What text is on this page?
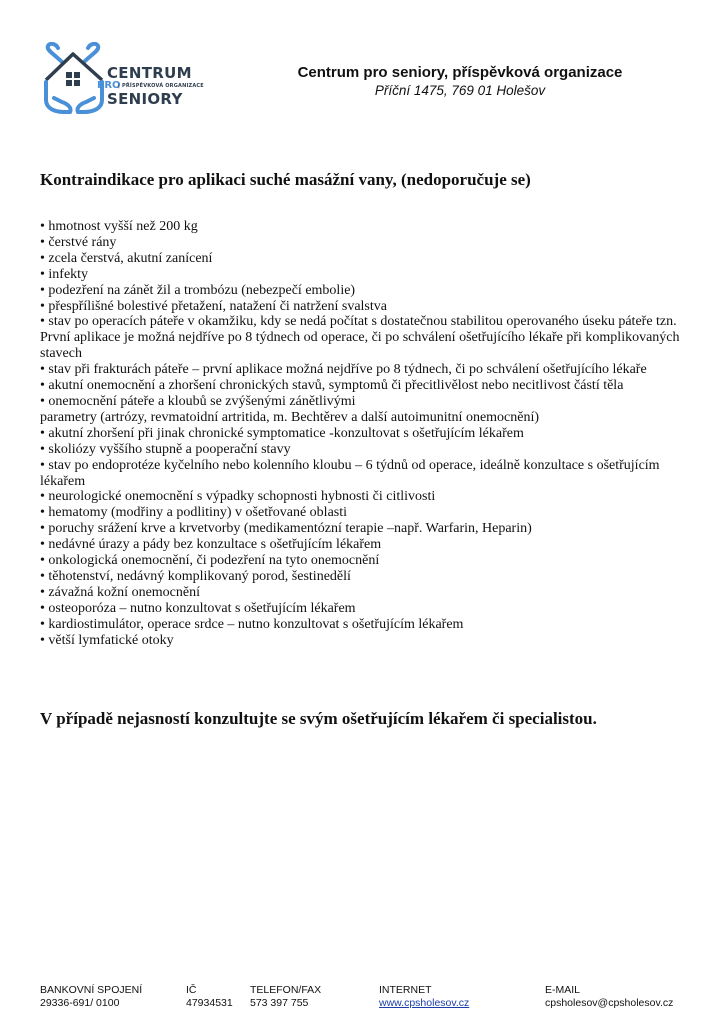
CENTRUM
PRO
| PŘÍSPĚVKOVÁ ORGANIZACE
SENIORY
Centrum pro seniory, příspěvková organizace
Příční 1475, 769 01 Holešov
Kontraindikace pro aplikaci suché masážní vany, (nedoporučuje se)
• hmotnost vyšší než 200 kg
• čerstvé rány
• zcela čerstvá, akutní zanícení
• infekty
• podezření na zánět žil a trombózu (nebezpečí embolie)
• přespřílišné bolestivé přetažení, natažení či natržení svalstva
• stav po operacích páteře v okamžiku, kdy se nedá počítat s dostatečnou stabilitou operovaného úseku páteře tzn. První aplikace je možná nejdříve po 8 týdnech od operace, či po schválení ošetřujícího lékaře při komplikovaných stavech
• stav při frakturách páteře – první aplikace možná nejdříve po 8 týdnech, či po schválení ošetřujícího lékaře
• akutní onemocnění a zhoršení chronických stavů, symptomů či přecitlivělost nebo necitlivost částí těla
• onemocnění páteře a kloubů se zvýšenými zánětlivými
parametry (artrózy, revmatoidní artritida, m. Bechtěrev a další autoimunitní onemocnění)
• akutní zhoršení při jinak chronické symptomatice -konzultovat s ošetřujícím lékařem
• skoliózy vyššího stupně a pooperační stavy
• stav po endoprotéze kyčelního nebo kolenního kloubu – 6 týdnů od operace, ideálně konzultace s ošetřujícím lékařem
• neurologické onemocnění s výpadky schopnosti hybnosti či citlivosti
• hematomy (modřiny a podlitiny) v ošetřované oblasti
• poruchy srážení krve a krvetvorby (medikamentózní terapie –např. Warfarin, Heparin)
• nedávné úrazy a pády bez konzultace s ošetřujícím lékařem
• onkologická onemocnění, či podezření na tyto onemocnění
• těhotenství, nedávný komplikovaný porod, šestinedělí
• závažná kožní onemocnění
• osteoporóza – nutno konzultovat s ošetřujícím lékařem
• kardiostimulátor, operace srdce – nutno konzultovat s ošetřujícím lékařem
• větší lymfatické otoky
V případě nejasností konzultujte se svým ošetřujícím lékařem či specialistou.
BANKOVNÍ SPOJENÍ
29336-691/ 0100
IČ
47934531
TELEFON/FAX
573 397 755
INTERNET
www.cpsholesov.cz
E-MAIL
cpsholesov@cpsholesov.cz
